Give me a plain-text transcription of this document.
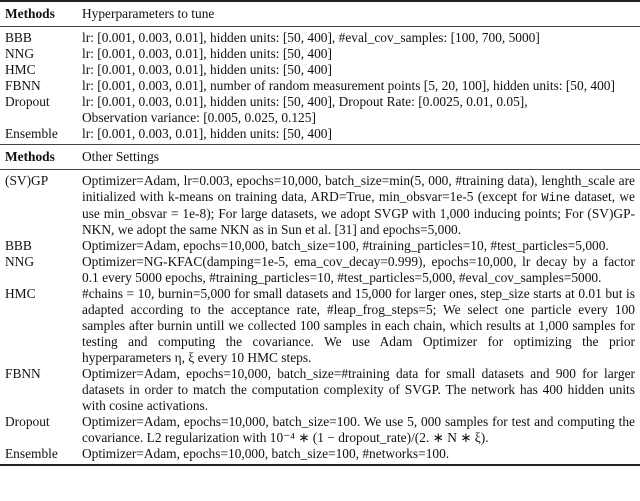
Methods	Hyperparameters to tune
BBB	lr: [0.001, 0.003, 0.01], hidden units: [50, 400], #eval_cov_samples: [100, 700, 5000]
NNG	lr: [0.001, 0.003, 0.01], hidden units: [50, 400]
HMC	lr: [0.001, 0.003, 0.01], hidden units: [50, 400]
FBNN	lr: [0.001, 0.003, 0.01], number of random measurement points [5, 20, 100], hidden units: [50, 400]
Dropout	lr: [0.001, 0.003, 0.01], hidden units: [50, 400], Dropout Rate: [0.0025, 0.01, 0.05],
Observation variance: [0.005, 0.025, 0.125]
Ensemble	lr: [0.001, 0.003, 0.01], hidden units: [50, 400]
Methods	Other Settings
(SV)GP	Optimizer=Adam, lr=0.003, epochs=10,000, batch_size=min(5, 000, #training data), lenghth_scale are initialized with k-means on training data, ARD=True, min_obsvar=1e-5 (except for Wine dataset, we use min_obsvar = 1e-8); For large datasets, we adopt SVGP with 1,000 inducing points; For (SV)GP-NKN, we adopt the same NKN as in Sun et al. [31] and epochs=5,000.
BBB	Optimizer=Adam, epochs=10,000, batch_size=100, #training_particles=10, #test_particles=5,000.
NNG	Optimizer=NG-KFAC(damping=1e-5, ema_cov_decay=0.999), epochs=10,000, lr decay by a factor 0.1 every 5000 epochs, #training_particles=10, #test_particles=5,000, #eval_cov_samples=5000.
HMC	#chains = 10, burnin=5,000 for small datasets and 15,000 for larger ones, step_size starts at 0.01 but is adapted according to the acceptance rate, #leap_frog_steps=5; We select one particle every 100 samples after burnin untill we collected 100 samples in each chain, which results at 1,000 samples for testing and computing the covariance. We use Adam Optimizer for optimizing the prior hyperparameters η, ξ every 10 HMC steps.
FBNN	Optimizer=Adam, epochs=10,000, batch_size=#training data for small datasets and 900 for larger datasets in order to match the computation complexity of SVGP. The network has 400 hidden units with cosine activations.
Dropout	Optimizer=Adam, epochs=10,000, batch_size=100. We use 5, 000 samples for test and computing the covariance. L2 regularization with 10⁻⁴ ∗ (1 − dropout_rate)/(2. ∗ N ∗ ξ).
Ensemble	Optimizer=Adam, epochs=10,000, batch_size=100, #networks=100.
